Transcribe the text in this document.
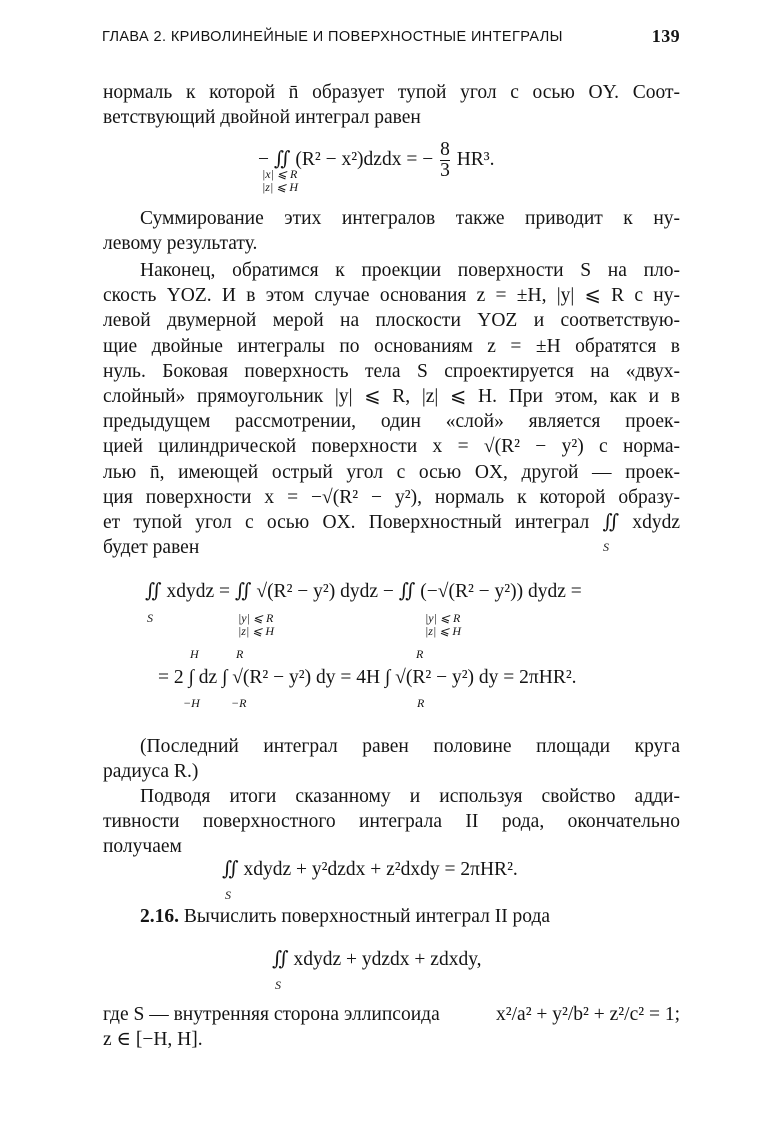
ГЛАВА 2. КРИВОЛИНЕЙНЫЕ И ПОВЕРХНОСТНЫЕ ИНТЕГРАЛЫ	139
нормаль к которой n̄ образует тупой угол с осью OY. Соот-
ветствующий двойной интеграл равен
− ∬ (R² − x²)dzdx = − $\frac{8}{3} HR^3$.
|x| ⩽ R
|z| ⩽ H
Суммирование этих интегралов также приводит к ну-
левому результату.
Наконец, обратимся к проекции поверхности S на пло-
скость YOZ. И в этом случае основания z = ±H, |y| ⩽ R с ну-
левой двумерной мерой на плоскости YOZ и соответствую-
щие двойные интегралы по основаниям z = ±H обратятся в
нуль. Боковая поверхность тела S спроектируется на «двух-
слойный» прямоугольник |y| ⩽ R, |z| ⩽ H. При этом, как и в
предыдущем рассмотрении, один «слой» является проек-
цией цилиндрической поверхности x = √(R² − y²) с норма-
лью n̄, имеющей острый угол с осью OX, другой — проек-
ция поверхности x = −√(R² − y²), нормаль к которой образу-
ет тупой угол с осью OX. Поверхностный интеграл ∬ xdydz
будет равен	S
∬ xdydz = ∬ √(R² − y²) dydz − ∬ (−√(R² − y²)) dydz =
S	|y| ⩽ R
|z| ⩽ H
|y| ⩽ R
|z| ⩽ H
H	R	R
= 2 ∫ dz ∫ √(R² − y²) dy = 4H ∫ √(R² − y²) dy = 2πHR².
−H	−R	R
(Последний интеграл равен половине площади круга
радиуса R.)
Подводя итоги сказанному и используя свойство адди-
тивности поверхностного интеграла II рода, окончательно
получаем
∬ xdydz + y²dzdx + z²dxdy = 2πHR².
S
2.16. Вычислить поверхностный интеграл II рода
∬ xdydz + ydzdx + zdxdy,
S
где S — внутренняя сторона эллипсоида	x²/a² + y²/b² + z²/c² = 1;
z ∈ [−H, H].
